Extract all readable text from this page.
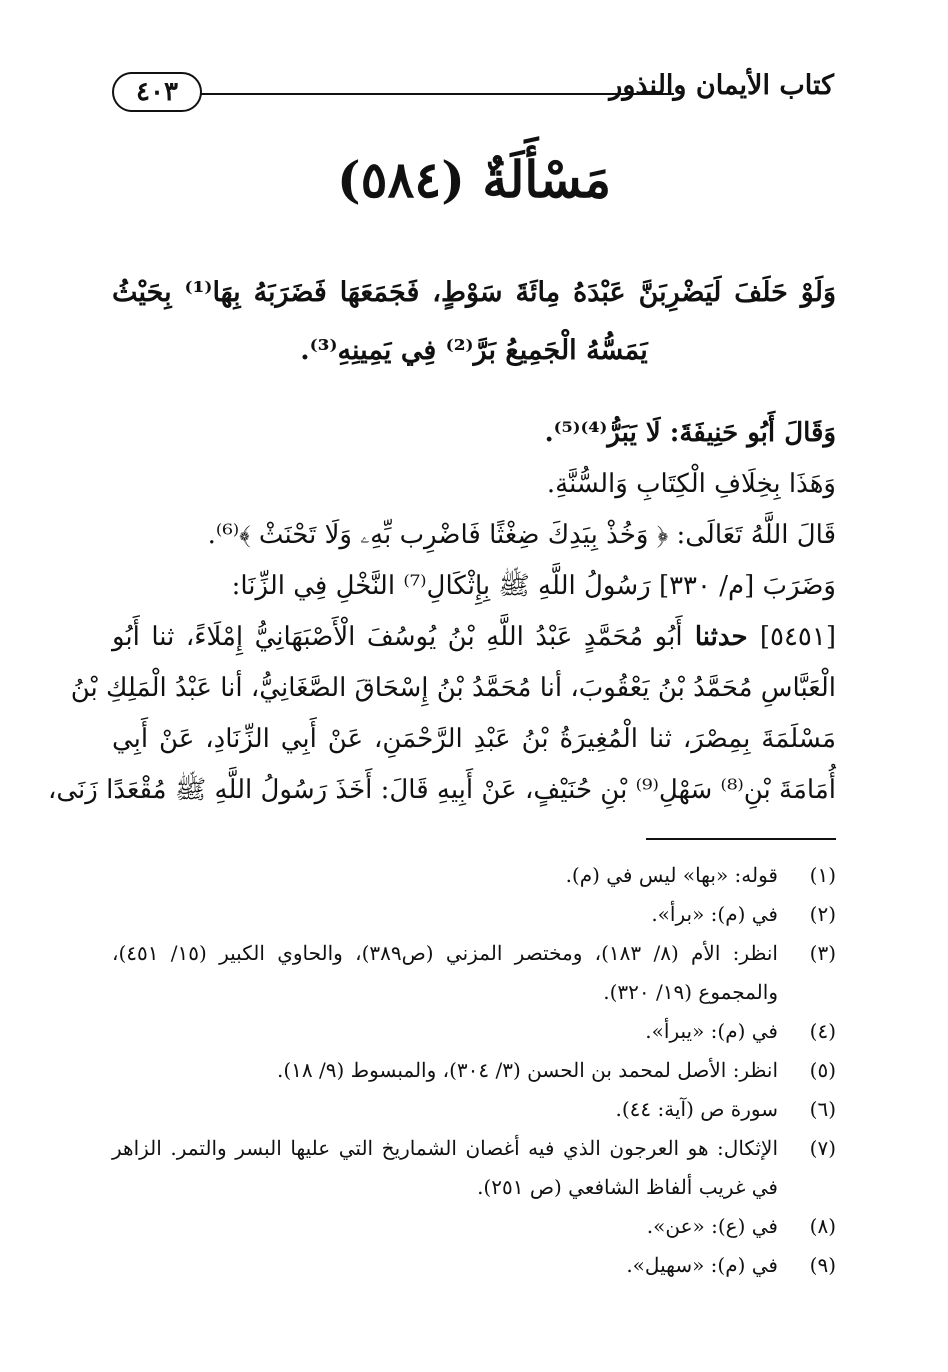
كتاب الأيمان والنذور
٤٠٣
مَسْأَلَةٌ (٥٨٤)
وَلَوْ حَلَفَ لَيَضْرِبَنَّ عَبْدَهُ مِائَةَ سَوْطٍ، فَجَمَعَهَا فَضَرَبَهُ بِهَا⁽¹⁾ بِحَيْثُ يَمَسُّهُ الْجَمِيعُ بَرَّ⁽²⁾ فِي يَمِينِهِ⁽³⁾.
وَقَالَ أَبُو حَنِيفَةَ: لَا يَبَرُّ⁽⁴⁾⁽⁵⁾.
وَهَذَا بِخِلَافِ الْكِتَابِ وَالسُّنَّةِ.
قَالَ اللَّهُ تَعَالَى: ﴿ وَخُذْ بِيَدِكَ ضِغْثًا فَاضْرِب بِّهِۦ وَلَا تَحْنَثْ ﴾⁽⁶⁾.
وَضَرَبَ [م/ ٣٣٠] رَسُولُ اللَّهِ ﷺ بِإِثْكَالِ⁽⁷⁾ النَّخْلِ فِي الزِّنَا:
[٥٤٥١] حدثنا أَبُو مُحَمَّدٍ عَبْدُ اللَّهِ بْنُ يُوسُفَ الْأَصْبَهَانِيُّ إِمْلَاءً، ثنا أَبُو
الْعَبَّاسِ مُحَمَّدُ بْنُ يَعْقُوبَ، أنا مُحَمَّدُ بْنُ إِسْحَاقَ الصَّغَانِيُّ، أنا عَبْدُ الْمَلِكِ بْنُ
مَسْلَمَةَ بِمِصْرَ، ثنا الْمُغِيرَةُ بْنُ عَبْدِ الرَّحْمَنِ، عَنْ أَبِي الزِّنَادِ، عَنْ أَبِي
أُمَامَةَ بْنِ⁽⁸⁾ سَهْلِ⁽⁹⁾ بْنِ حُنَيْفٍ، عَنْ أَبِيهِ قَالَ: أَخَذَ رَسُولُ اللَّهِ ﷺ مُقْعَدًا زَنَى،
(١)
قوله: «بها» ليس في (م).
(٢)
في (م): «برأ».
(٣)
انظر: الأم (٨/ ١٨٣)، ومختصر المزني (ص٣٨٩)، والحاوي الكبير (١٥/ ٤٥١)، والمجموع (١٩/ ٣٢٠).
(٤)
في (م): «يبرأ».
(٥)
انظر: الأصل لمحمد بن الحسن (٣/ ٣٠٤)، والمبسوط (٩/ ١٨).
(٦)
سورة ص (آية: ٤٤).
(٧)
الإثكال: هو العرجون الذي فيه أغصان الشماريخ التي عليها البسر والتمر. الزاهر في غريب ألفاظ الشافعي (ص ٢٥١).
(٨)
في (ع): «عن».
(٩)
في (م): «سهيل».
